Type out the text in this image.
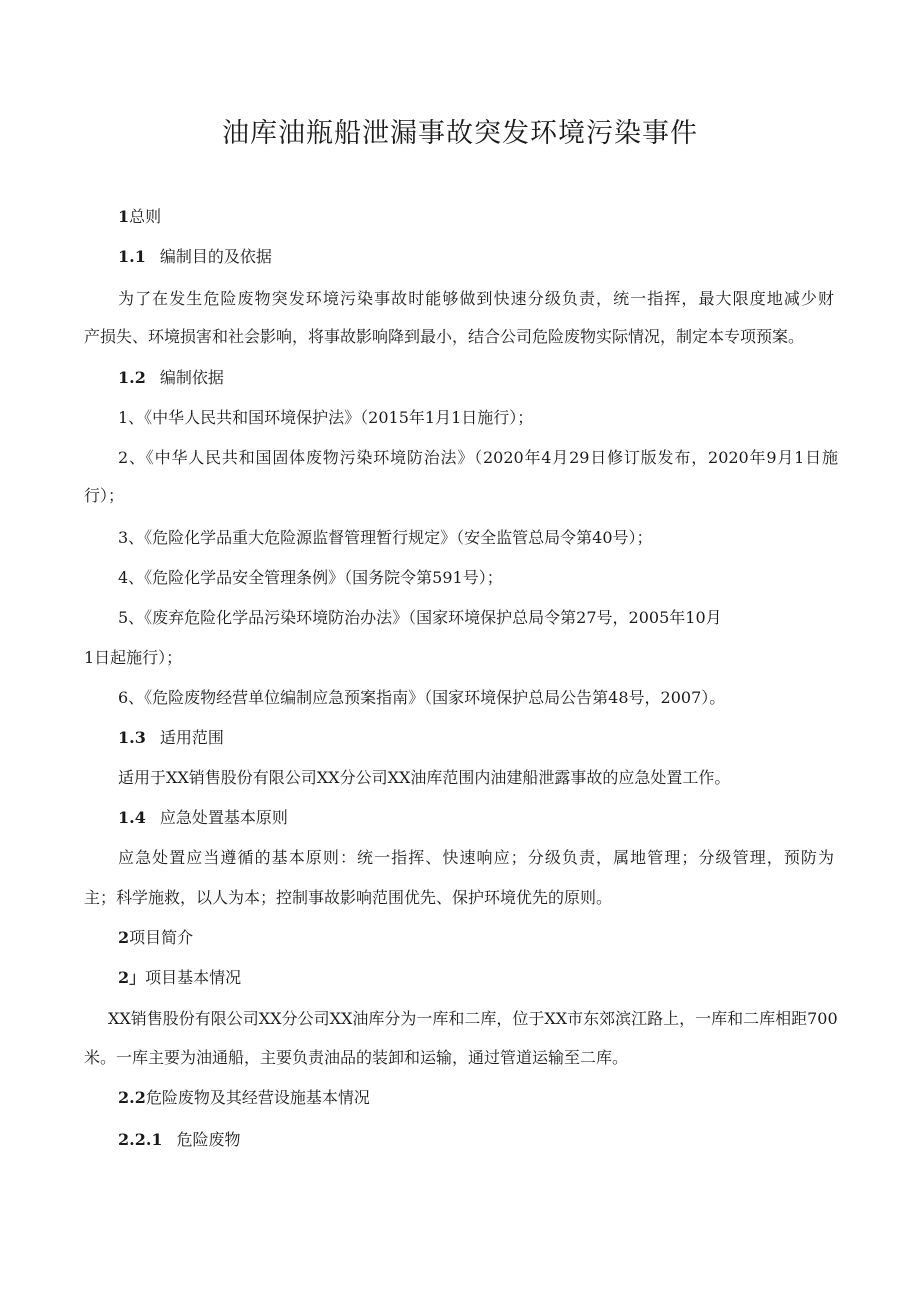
油库油瓶船泄漏事故突发环境污染事件
1总则
1.1 编制目的及依据
为了在发生危险废物突发环境污染事故时能够做到快速分级负责，统一指挥，最大限度地减少财
产损失、环境损害和社会影响，将事故影响降到最小，结合公司危险废物实际情况，制定本专项预案。
1.2 编制依据
1、《中华人民共和国环境保护法》（2015年1月1日施行）；
2、《中华人民共和国固体废物污染环境防治法》（2020年4月29日修订版发布，2020年9月1日施
行）；
3、《危险化学品重大危险源监督管理暂行规定》（安全监管总局令第40号）；
4、《危险化学品安全管理条例》（国务院令第591号）；
5、《废弃危险化学品污染环境防治办法》（国家环境保护总局令第27号，2005年10月
1日起施行）；
6、《危险废物经营单位编制应急预案指南》（国家环境保护总局公告第48号，2007）。
1.3 适用范围
适用于XX销售股份有限公司XX分公司XX油库范围内油建船泄露事故的应急处置工作。
1.4 应急处置基本原则
应急处置应当遵循的基本原则：统一指挥、快速响应；分级负责，属地管理；分级管理，预防为
主；科学施救，以人为本；控制事故影响范围优先、保护环境优先的原则。
2项目简介
2」项目基本情况
XX销售股份有限公司XX分公司XX油库分为一库和二库，位于XX市东郊滨江路上，一库和二库相距700
米。一库主要为油通船，主要负责油品的装卸和运输，通过管道运输至二库。
2.2危险废物及其经营设施基本情况
2.2.1 危险废物
